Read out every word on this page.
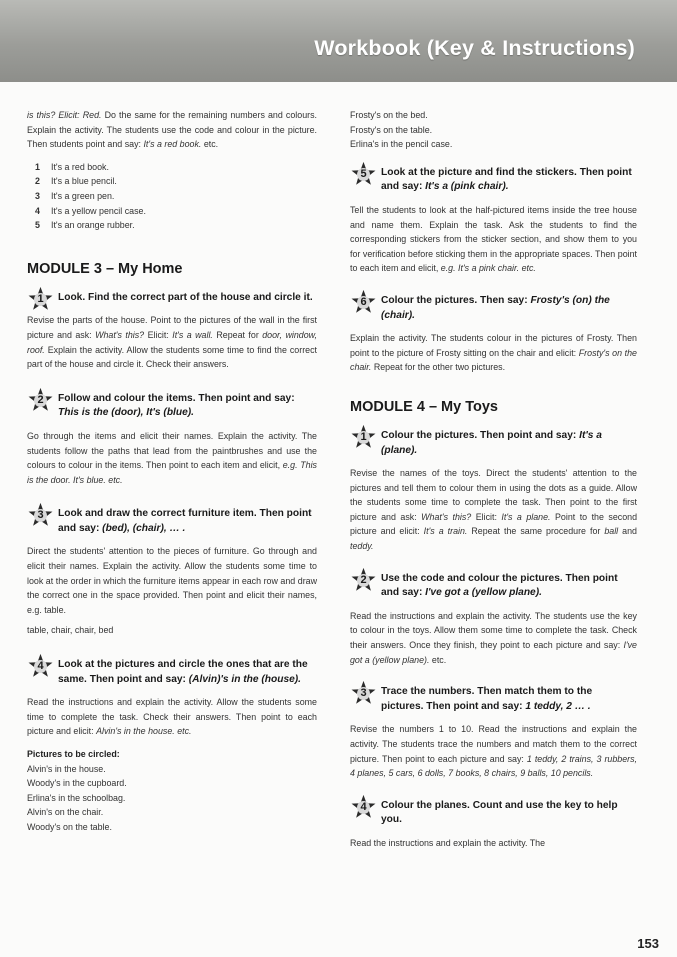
Workbook (Key & Instructions)

is this? Elicit: Red. Do the same for the remaining numbers and colours. Explain the activity. The students use the code and colour in the picture. Then students point and say: It's a red book. etc.

1 It's a red book.
2 It's a blue pencil.
3 It's a green pen.
4 It's a yellow pencil case.
5 It's an orange rubber.
MODULE 3 – My Home
1	Look. Find the correct part of the house and circle it.

Revise the parts of the house. Point to the pictures of the wall in the first picture and ask: What's this? Elicit: It's a wall. Repeat for door, window, roof. Explain the activity. Allow the students some time to find the correct part of the house and circle it. Check their answers.

2	Follow and colour the items. Then point and say: This is the (door), It's (blue).

Go through the items and elicit their names. Explain the activity. The students follow the paths that lead from the paintbrushes and use the colours to colour in the items. Then point to each item and elicit, e.g. This is the door. It's blue. etc.

3	Look and draw the correct furniture item. Then point and say: (bed), (chair), … .

Direct the students' attention to the pieces of furniture. Go through and elicit their names. Explain the activity. Allow the students some time to look at the order in which the furniture items appear in each row and draw the correct one in the space provided. Then point and elicit their names, e.g. table.

table, chair, chair, bed

4	Look at the pictures and circle the ones that are the same. Then point and say: (Alvin)'s in the (house).

Read the instructions and explain the activity. Allow the students some time to complete the task. Check their answers. Then point to each picture and elicit: Alvin's in the house. etc.

Pictures to be circled:

Alvin's in the house.

Woody's in the cupboard.

Erlina's in the schoolbag.

Alvin's on the chair.

Woody's on the table.

Frosty's on the bed.

Frosty's on the table.

Erlina's in the pencil case.

5	Look at the picture and find the stickers. Then point and say: It's a (pink chair).

Tell the students to look at the half-pictured items inside the tree house and name them. Explain the task. Ask the students to find the corresponding stickers from the sticker section, and show them to you for verification before sticking them in the appropriate spaces. Then point to each item and elicit, e.g. It's a pink chair. etc.

6	Colour the pictures. Then say: Frosty's (on) the (chair).

Explain the activity. The students colour in the pictures of Frosty. Then point to the picture of Frosty sitting on the chair and elicit: Frosty's on the chair. Repeat for the other two pictures.

MODULE 4 – My Toys
1	Colour the pictures. Then point and say: It's a (plane).

Revise the names of the toys. Direct the students' attention to the pictures and tell them to colour them in using the dots as a guide. Allow the students some time to complete the task. Then point to the first picture and ask: What's this? Elicit: It's a plane. Point to the second picture and elicit: It's a train. Repeat the same procedure for ball and teddy.

2	Use the code and colour the pictures. Then point and say: I've got a (yellow plane).

Read the instructions and explain the activity. The students use the key to colour in the toys. Allow them some time to complete the task. Check their answers. Once they finish, they point to each picture and say: I've got a (yellow plane). etc.

3	Trace the numbers. Then match them to the pictures. Then point and say: 1 teddy, 2 … .

Revise the numbers 1 to 10. Read the instructions and explain the activity. The students trace the numbers and match them to the correct picture. Then point to each picture and say: 1 teddy, 2 trains, 3 rubbers, 4 planes, 5 cars, 6 dolls, 7 books, 8 chairs, 9 balls, 10 pencils.

4	Colour the planes. Count and use the key to help you.

Read the instructions and explain the activity. The

153
